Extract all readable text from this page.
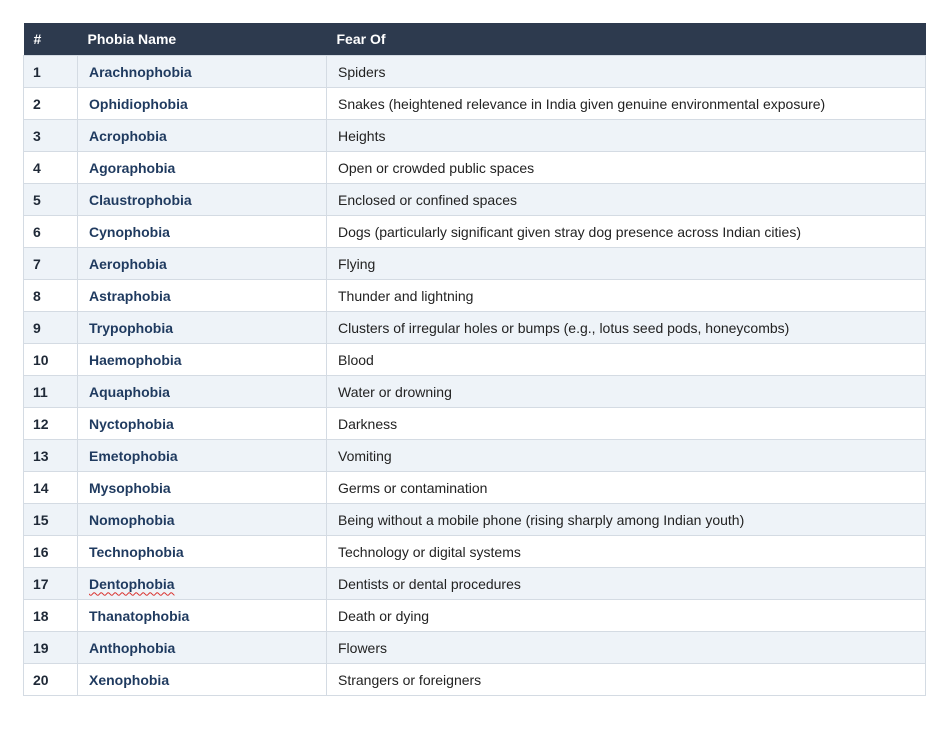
#	Phobia Name	Fear Of
1	Arachnophobia	Spiders
2	Ophidiophobia	Snakes (heightened relevance in India given genuine environmental exposure)
3	Acrophobia	Heights
4	Agoraphobia	Open or crowded public spaces
5	Claustrophobia	Enclosed or confined spaces
6	Cynophobia	Dogs (particularly significant given stray dog presence across Indian cities)
7	Aerophobia	Flying
8	Astraphobia	Thunder and lightning
9	Trypophobia	Clusters of irregular holes or bumps (e.g., lotus seed pods, honeycombs)
10	Haemophobia	Blood
11	Aquaphobia	Water or drowning
12	Nyctophobia	Darkness
13	Emetophobia	Vomiting
14	Mysophobia	Germs or contamination
15	Nomophobia	Being without a mobile phone (rising sharply among Indian youth)
16	Technophobia	Technology or digital systems
17	Dentophobia	Dentists or dental procedures
18	Thanatophobia	Death or dying
19	Anthophobia	Flowers
20	Xenophobia	Strangers or foreigners
